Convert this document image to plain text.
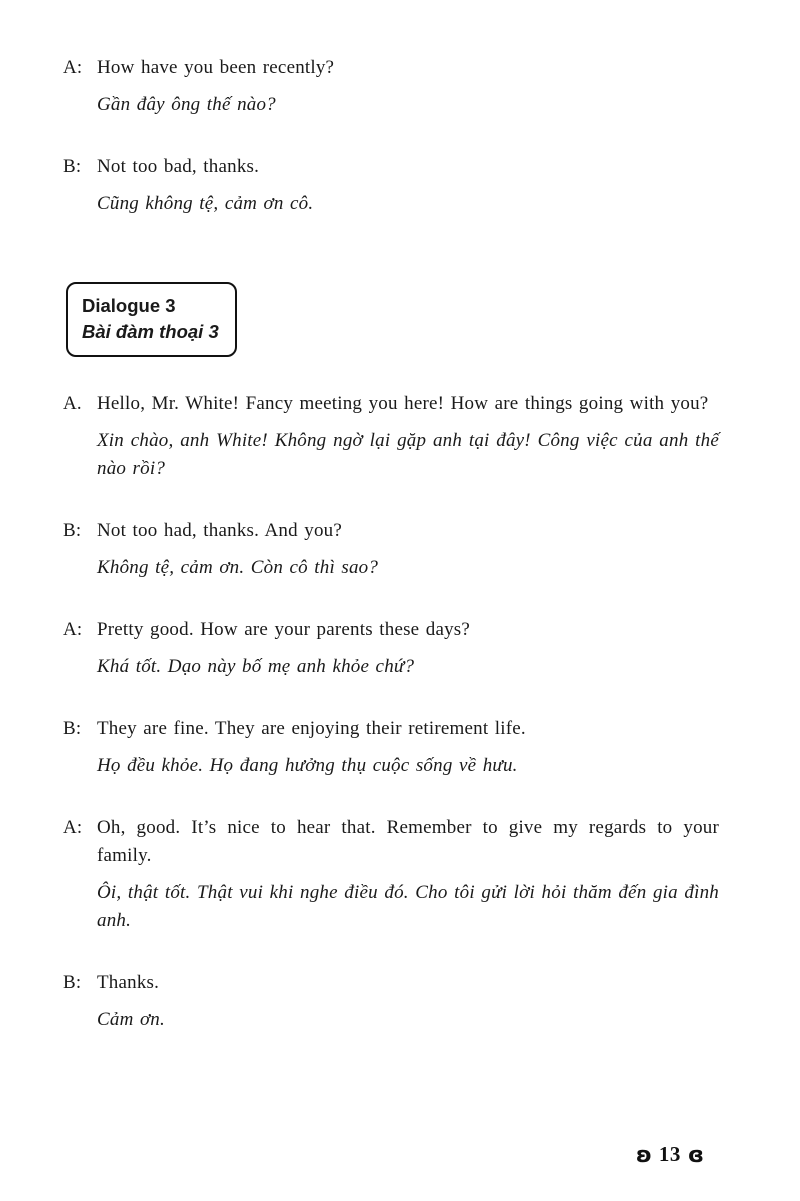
A: How have you been recently?
Gần đây ông thế nào?
B: Not too bad, thanks.
Cũng không tệ, cảm ơn cô.
Dialogue 3
Bài đàm thoại 3
A. Hello, Mr. White! Fancy meeting you here! How are things going with you?
Xin chào, anh White! Không ngờ lại gặp anh tại đây! Công việc của anh thế nào rồi?
B: Not too had, thanks. And you?
Không tệ, cảm ơn. Còn cô thì sao?
A: Pretty good. How are your parents these days?
Khá tốt. Dạo này bố mẹ anh khỏe chứ?
B: They are fine. They are enjoying their retirement life.
Họ đều khỏe. Họ đang hưởng thụ cuộc sống về hưu.
A: Oh, good. It’s nice to hear that. Remember to give my regards to your family.
Ôi, thật tốt. Thật vui khi nghe điều đó. Cho tôi gửi lời hỏi thăm đến gia đình anh.
B: Thanks.
Cảm ơn.
ʚ 13 ɞ
